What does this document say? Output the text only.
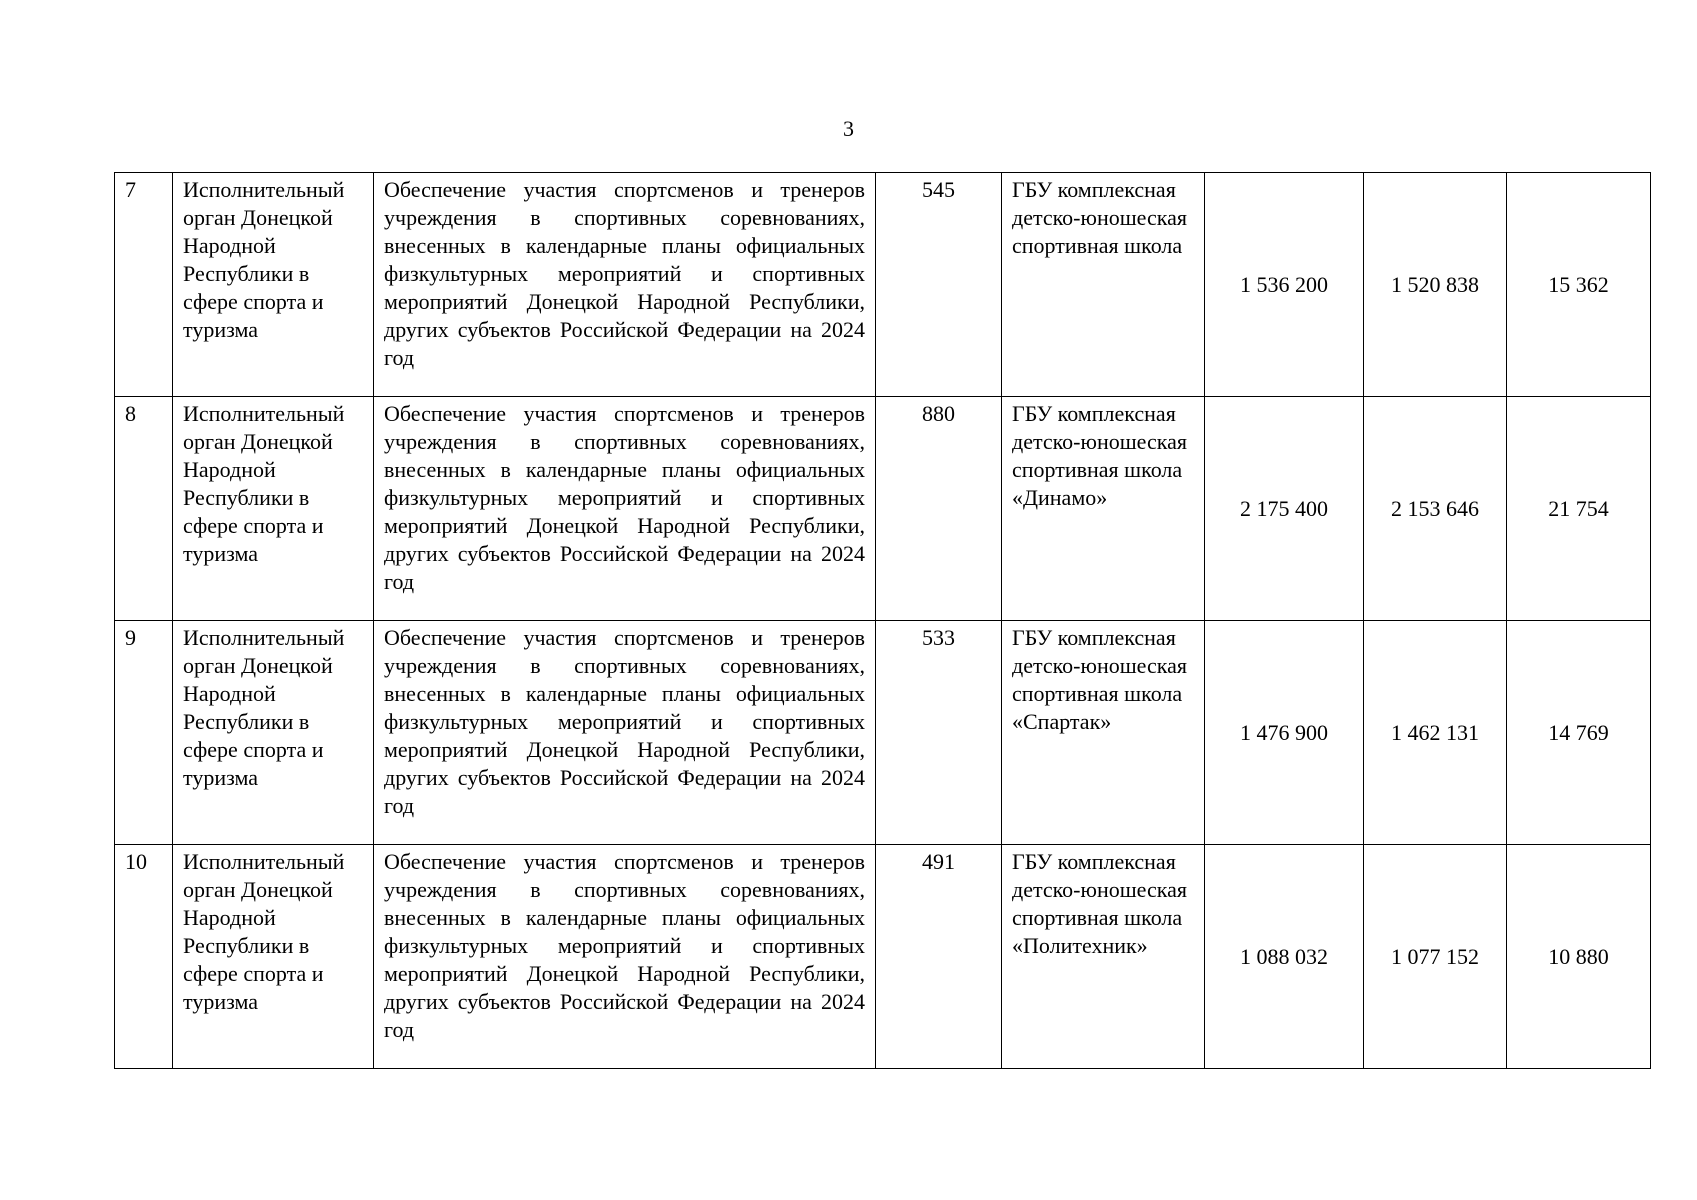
3
7	Исполнительный орган Донецкой Народной Республики в сфере спорта и туризма	Обеспечение участия спортсменов и тренеров учреждения в спортивных соревнованиях, внесенных в календарные планы официальных физкультурных мероприятий и спортивных мероприятий Донецкой Народной Республики, других субъектов Российской Федерации на 2024 год	545	ГБУ комплексная детско-юношеская спортивная школа	1 536 200	1 520 838	15 362
8	Исполнительный орган Донецкой Народной Республики в сфере спорта и туризма	Обеспечение участия спортсменов и тренеров учреждения в спортивных соревнованиях, внесенных в календарные планы официальных физкультурных мероприятий и спортивных мероприятий Донецкой Народной Республики, других субъектов Российской Федерации на 2024 год	880	ГБУ комплексная детско-юношеская спортивная школа «Динамо»	2 175 400	2 153 646	21 754
9	Исполнительный орган Донецкой Народной Республики в сфере спорта и туризма	Обеспечение участия спортсменов и тренеров учреждения в спортивных соревнованиях, внесенных в календарные планы официальных физкультурных мероприятий и спортивных мероприятий Донецкой Народной Республики, других субъектов Российской Федерации на 2024 год	533	ГБУ комплексная детско-юношеская спортивная школа «Спартак»	1 476 900	1 462 131	14 769
10	Исполнительный орган Донецкой Народной Республики в сфере спорта и туризма	Обеспечение участия спортсменов и тренеров учреждения в спортивных соревнованиях, внесенных в календарные планы официальных физкультурных мероприятий и спортивных мероприятий Донецкой Народной Республики, других субъектов Российской Федерации на 2024 год	491	ГБУ комплексная детско-юношеская спортивная школа «Политехник»	1 088 032	1 077 152	10 880
